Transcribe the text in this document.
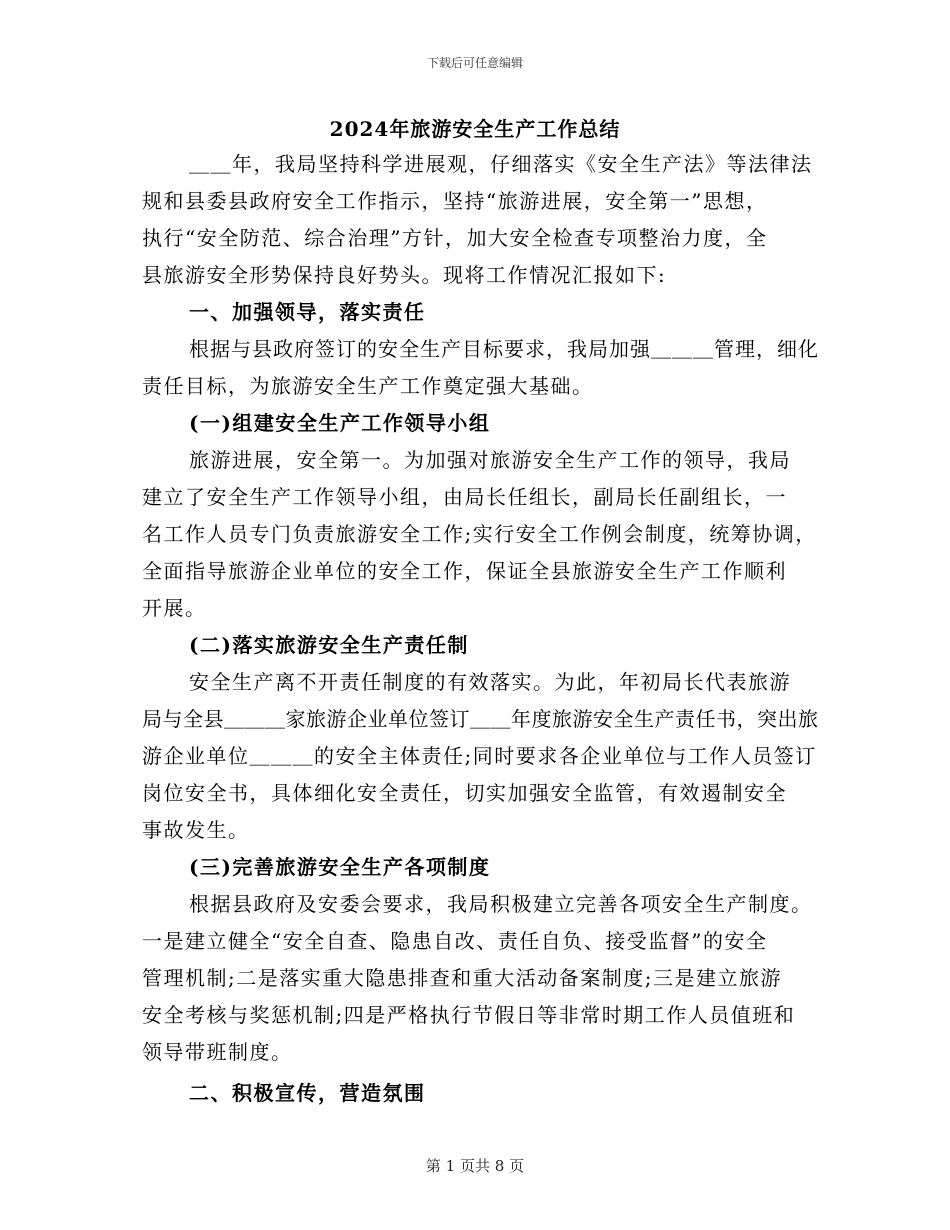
下载后可任意编辑
2024年旅游安全生产工作总结
＿＿年，我局坚持科学进展观，仔细落实《安全生产法》等法律法
规和县委县政府安全工作指示，坚持“旅游进展，安全第一”思想，
执行“安全防范、综合治理”方针，加大安全检查专项整治力度，全
县旅游安全形势保持良好势头。现将工作情况汇报如下:
一、加强领导，落实责任
根据与县政府签订的安全生产目标要求，我局加强＿＿＿管理，细化
责任目标，为旅游安全生产工作奠定强大基础。
(一)组建安全生产工作领导小组
旅游进展，安全第一。为加强对旅游安全生产工作的领导，我局
建立了安全生产工作领导小组，由局长任组长，副局长任副组长，一
名工作人员专门负责旅游安全工作;实行安全工作例会制度，统筹协调，
全面指导旅游企业单位的安全工作，保证全县旅游安全生产工作顺利
开展。
(二)落实旅游安全生产责任制
安全生产离不开责任制度的有效落实。为此，年初局长代表旅游
局与全县＿＿＿家旅游企业单位签订＿＿年度旅游安全生产责任书，突出旅
游企业单位＿＿＿的安全主体责任;同时要求各企业单位与工作人员签订
岗位安全书，具体细化安全责任，切实加强安全监管，有效遏制安全
事故发生。
(三)完善旅游安全生产各项制度
根据县政府及安委会要求，我局积极建立完善各项安全生产制度。
一是建立健全“安全自查、隐患自改、责任自负、接受监督”的安全
管理机制;二是落实重大隐患排查和重大活动备案制度;三是建立旅游
安全考核与奖惩机制;四是严格执行节假日等非常时期工作人员值班和
领导带班制度。
二、积极宣传，营造氛围
第 1 页共 8 页
